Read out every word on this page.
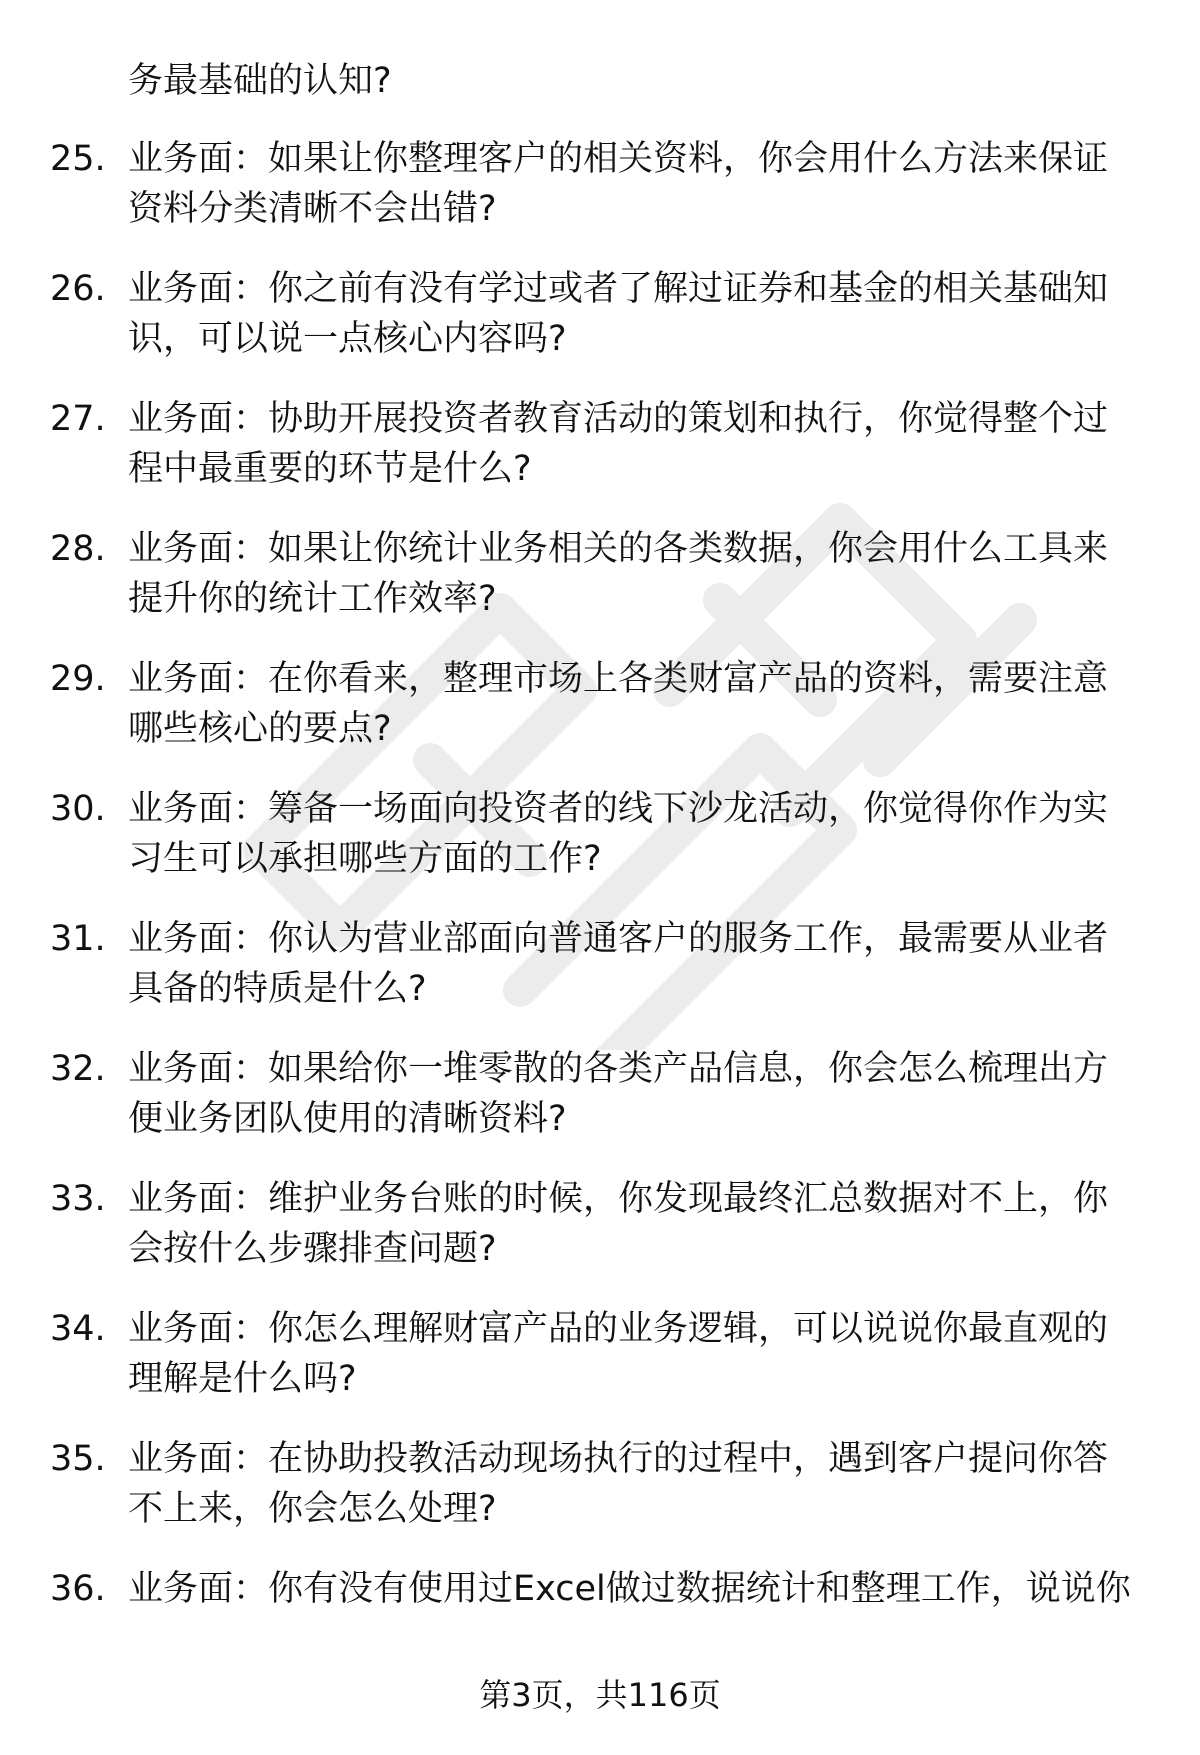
务最基础的认知?
25. 业务面：如果让你整理客户的相关资料，你会用什么方法来保证
资料分类清晰不会出错?
26. 业务面：你之前有没有学过或者了解过证券和基金的相关基础知
识，可以说一点核心内容吗?
27. 业务面：协助开展投资者教育活动的策划和执行，你觉得整个过
程中最重要的环节是什么?
28. 业务面：如果让你统计业务相关的各类数据，你会用什么工具来
提升你的统计工作效率?
29. 业务面：在你看来，整理市场上各类财富产品的资料，需要注意
哪些核心的要点?
30. 业务面：筹备一场面向投资者的线下沙龙活动，你觉得你作为实
习生可以承担哪些方面的工作?
31. 业务面：你认为营业部面向普通客户的服务工作，最需要从业者
具备的特质是什么?
32. 业务面：如果给你一堆零散的各类产品信息，你会怎么梳理出方
便业务团队使用的清晰资料?
33. 业务面：维护业务台账的时候，你发现最终汇总数据对不上，你
会按什么步骤排查问题?
34. 业务面：你怎么理解财富产品的业务逻辑，可以说说你最直观的
理解是什么吗?
35. 业务面：在协助投教活动现场执行的过程中，遇到客户提问你答
不上来，你会怎么处理?
36. 业务面：你有没有使用过Excel做过数据统计和整理工作，说说你
第3页，共116页
